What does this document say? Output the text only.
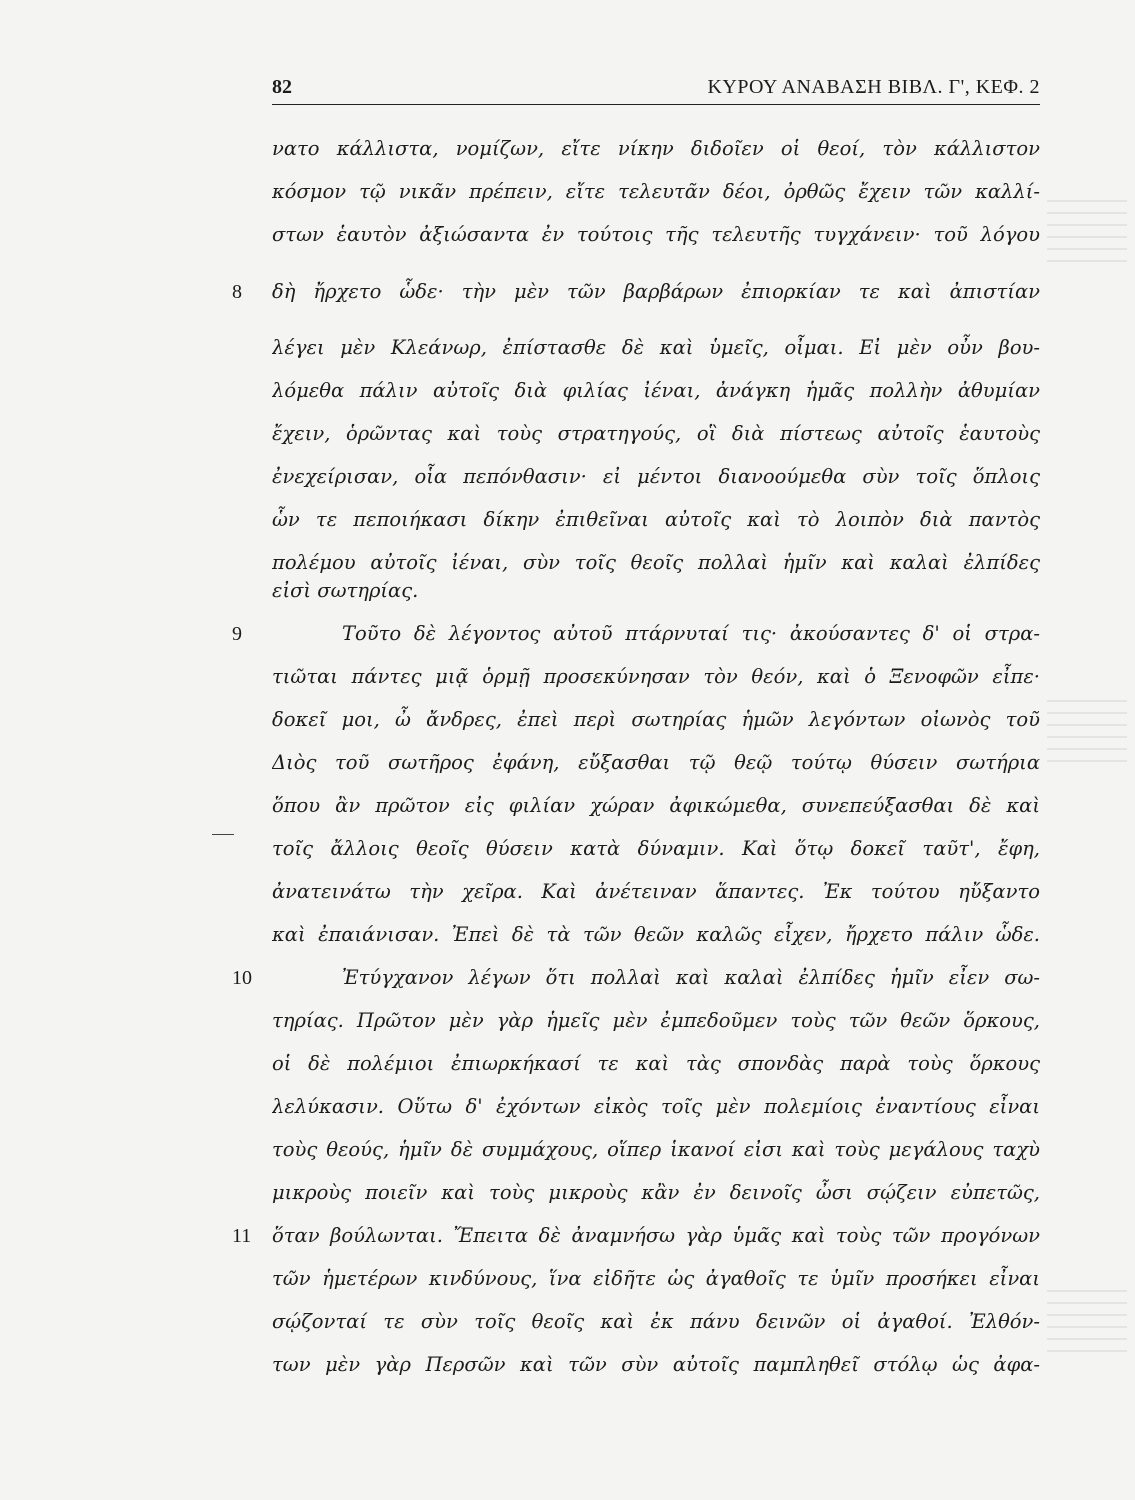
82	ΚΥΡΟΥ ΑΝΑΒΑΣΗ ΒΙΒΛ. Γ', ΚΕΦ. 2
8
9
10
11
νατο κάλλιστα, νομίζων, εἴτε νίκην διδοῖεν οἱ θεοί, τὸν κάλλιστον
κόσμον τῷ νικᾶν πρέπειν, εἴτε τελευτᾶν δέοι, ὀρθῶς ἔχειν τῶν καλλί-
στων ἑαυτὸν ἀξιώσαντα ἐν τούτοις τῆς τελευτῆς τυγχάνειν· τοῦ λόγου
δὴ ἤρχετο ὧδε· τὴν μὲν τῶν βαρβάρων ἐπιορκίαν τε καὶ ἀπιστίαν
λέγει μὲν Κλεάνωρ, ἐπίστασθε δὲ καὶ ὑμεῖς, οἶμαι. Εἰ μὲν οὖν βου-
λόμεθα πάλιν αὐτοῖς διὰ φιλίας ἰέναι, ἀνάγκη ἡμᾶς πολλὴν ἀθυμίαν
ἔχειν, ὁρῶντας καὶ τοὺς στρατηγούς, οἳ διὰ πίστεως αὐτοῖς ἑαυτοὺς
ἐνεχείρισαν, οἷα πεπόνθασιν· εἰ μέντοι διανοούμεθα σὺν τοῖς ὅπλοις
ὧν τε πεποιήκασι δίκην ἐπιθεῖναι αὐτοῖς καὶ τὸ λοιπὸν διὰ παντὸς
πολέμου αὐτοῖς ἰέναι, σὺν τοῖς θεοῖς πολλαὶ ἡμῖν καὶ καλαὶ ἐλπίδες
εἰσὶ σωτηρίας.
Τοῦτο δὲ λέγοντος αὐτοῦ πτάρνυταί τις· ἀκούσαντες δ' οἱ στρα-
τιῶται πάντες μιᾷ ὁρμῇ προσεκύνησαν τὸν θεόν, καὶ ὁ Ξενοφῶν εἶπε·
δοκεῖ μοι, ὦ ἄνδρες, ἐπεὶ περὶ σωτηρίας ἡμῶν λεγόντων οἰωνὸς τοῦ
Διὸς τοῦ σωτῆρος ἐφάνη, εὔξασθαι τῷ θεῷ τούτῳ θύσειν σωτήρια
ὅπου ἂν πρῶτον εἰς φιλίαν χώραν ἀφικώμεθα, συνεπεύξασθαι δὲ καὶ
τοῖς ἄλλοις θεοῖς θύσειν κατὰ δύναμιν. Καὶ ὅτῳ δοκεῖ ταῦτ', ἔφη,
ἀνατεινάτω τὴν χεῖρα. Καὶ ἀνέτειναν ἅπαντες. Ἐκ τούτου ηὔξαντο
καὶ ἐπαιάνισαν. Ἐπεὶ δὲ τὰ τῶν θεῶν καλῶς εἶχεν, ἤρχετο πάλιν ὧδε.
Ἐτύγχανον λέγων ὅτι πολλαὶ καὶ καλαὶ ἐλπίδες ἡμῖν εἶεν σω-
τηρίας. Πρῶτον μὲν γὰρ ἡμεῖς μὲν ἐμπεδοῦμεν τοὺς τῶν θεῶν ὅρκους,
οἱ δὲ πολέμιοι ἐπιωρκήκασί τε καὶ τὰς σπονδὰς παρὰ τοὺς ὅρκους
λελύκασιν. Οὕτω δ' ἐχόντων εἰκὸς τοῖς μὲν πολεμίοις ἐναντίους εἶναι
τοὺς θεούς, ἡμῖν δὲ συμμάχους, οἵπερ ἱκανοί εἰσι καὶ τοὺς μεγάλους ταχὺ
μικροὺς ποιεῖν καὶ τοὺς μικροὺς κἂν ἐν δεινοῖς ὦσι σῴζειν εὐπετῶς,
ὅταν βούλωνται. Ἔπειτα δὲ ἀναμνήσω γὰρ ὑμᾶς καὶ τοὺς τῶν προγόνων
τῶν ἡμετέρων κινδύνους, ἵνα εἰδῆτε ὡς ἀγαθοῖς τε ὑμῖν προσήκει εἶναι
σῴζονταί τε σὺν τοῖς θεοῖς καὶ ἐκ πάνυ δεινῶν οἱ ἀγαθοί. Ἐλθόν-
των μὲν γὰρ Περσῶν καὶ τῶν σὺν αὐτοῖς παμπληθεῖ στόλῳ ὡς ἀφα-
